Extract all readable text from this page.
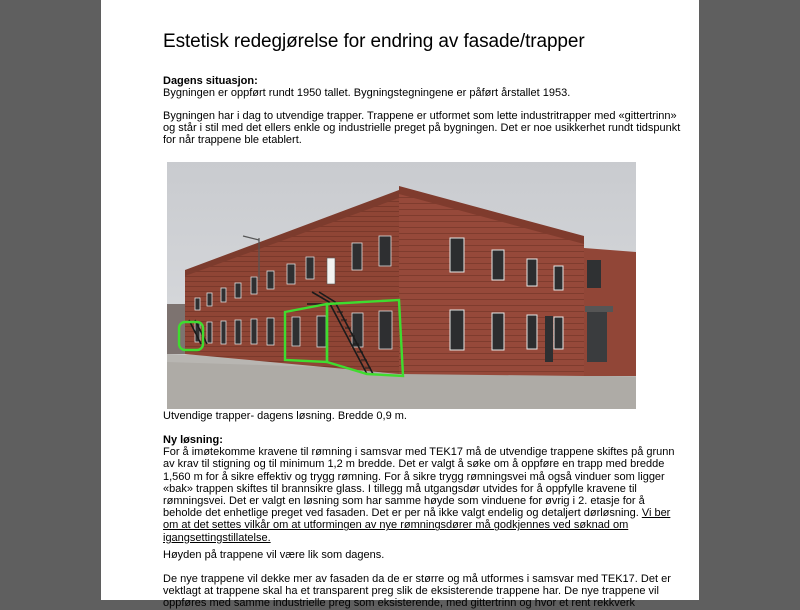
Estetisk redegjørelse for endring av fasade/trapper
Dagens situasjon:
Bygningen er oppført rundt 1950 tallet. Bygningstegningene er påført årstallet 1953.
Bygningen har i dag to utvendige trapper. Trappene er utformet som lette industritrapper med «gittertrinn»
og står i stil med det ellers enkle og industrielle preget på bygningen. Det er noe usikkerhet rundt tidspunkt
for når trappene ble etablert.
Utvendige trapper- dagens løsning. Bredde 0,9 m.
Ny løsning:
For å imøtekomme kravene til rømning i samsvar med TEK17 må de utvendige trappene skiftes på grunn
av krav til stigning og til minimum 1,2 m bredde. Det er valgt å søke om å oppføre en trapp med bredde
1,560 m for å sikre effektiv og trygg rømning. For å sikre trygg rømningsvei må også vinduer som ligger
«bak» trappen skiftes til brannsikre glass. I tillegg må utgangsdør utvides for å oppfylle kravene til
rømningsvei. Det er valgt en løsning som har samme høyde som vinduene for øvrig i 2. etasje for å
beholde det enhetlige preget ved fasaden. Det er per nå ikke valgt endelig og detaljert dørløsning. Vi ber
om at det settes vilkår om at utformingen av nye rømningsdører må godkjennes ved søknad om
igangsettingstillatelse.
Høyden på trappene vil være lik som dagens.
De nye trappene vil dekke mer av fasaden da de er større og må utformes i samsvar med TEK17. Det er
vektlagt at trappene skal ha et transparent preg slik de eksisterende trappene har. De nye trappene vil
oppføres med samme industrielle preg som eksisterende, med gittertrinn og hvor et rent rekkverk
